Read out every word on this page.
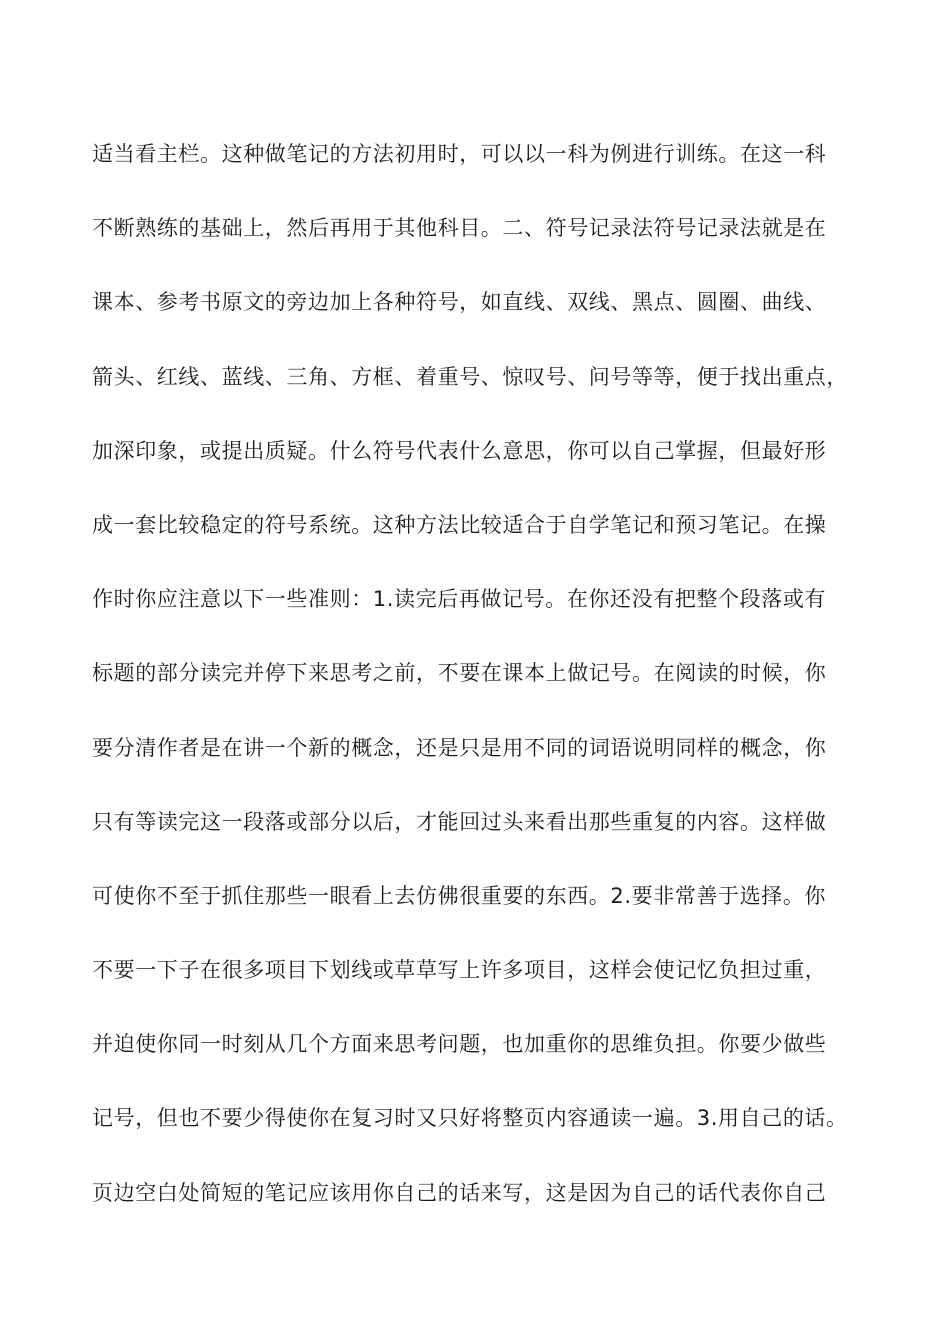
适当看主栏。这种做笔记的方法初用时，可以以一科为例进行训练。在这一科
不断熟练的基础上，然后再用于其他科目。二、符号记录法符号记录法就是在
课本、参考书原文的旁边加上各种符号，如直线、双线、黑点、圆圈、曲线、
箭头、红线、蓝线、三角、方框、着重号、惊叹号、问号等等，便于找出重点，
加深印象，或提出质疑。什么符号代表什么意思，你可以自己掌握，但最好形
成一套比较稳定的符号系统。这种方法比较适合于自学笔记和预习笔记。在操
作时你应注意以下一些准则：1.读完后再做记号。在你还没有把整个段落或有
标题的部分读完并停下来思考之前，不要在课本上做记号。在阅读的时候，你
要分清作者是在讲一个新的概念，还是只是用不同的词语说明同样的概念，你
只有等读完这一段落或部分以后，才能回过头来看出那些重复的内容。这样做
可使你不至于抓住那些一眼看上去仿佛很重要的东西。2.要非常善于选择。你
不要一下子在很多项目下划线或草草写上许多项目，这样会使记忆负担过重，
并迫使你同一时刻从几个方面来思考问题，也加重你的思维负担。你要少做些
记号，但也不要少得使你在复习时又只好将整页内容通读一遍。3.用自己的话。
页边空白处简短的笔记应该用你自己的话来写，这是因为自己的话代表你自己
